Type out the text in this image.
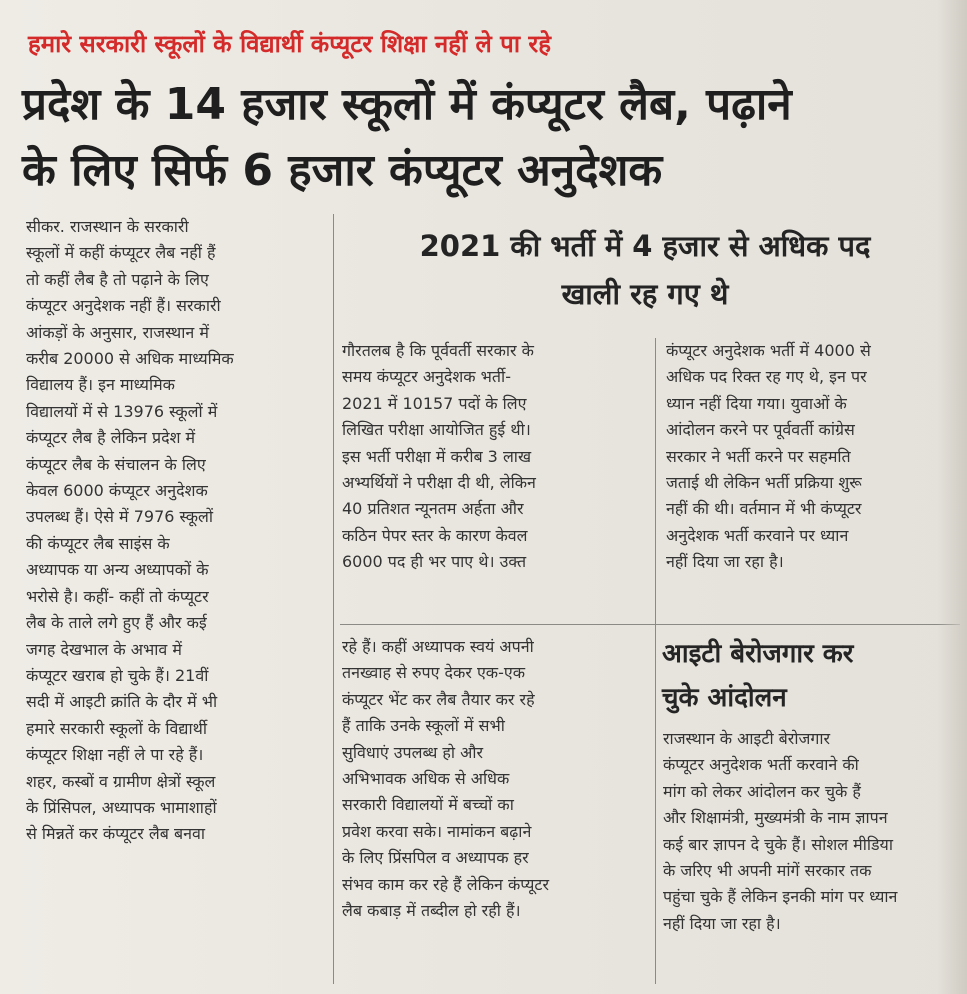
हमारे सरकारी स्कूलों के विद्यार्थी कंप्यूटर शिक्षा नहीं ले पा रहे
प्रदेश के 14 हजार स्कूलों में कंप्यूटर लैब, पढ़ाने
के लिए सिर्फ 6 हजार कंप्यूटर अनुदेशक
2021 की भर्ती में 4 हजार से अधिक पद
खाली रह गए थे
सीकर. राजस्थान के सरकारी
स्कूलों में कहीं कंप्यूटर लैब नहीं हैं
तो कहीं लैब है तो पढ़ाने के लिए
कंप्यूटर अनुदेशक नहीं हैं। सरकारी
आंकड़ों के अनुसार, राजस्थान में
करीब 20000 से अधिक माध्यमिक
विद्यालय हैं। इन माध्यमिक
विद्यालयों में से 13976 स्कूलों में
कंप्यूटर लैब है लेकिन प्रदेश में
कंप्यूटर लैब के संचालन के लिए
केवल 6000 कंप्यूटर अनुदेशक
उपलब्ध हैं। ऐसे में 7976 स्कूलों
की कंप्यूटर लैब साइंस के
अध्यापक या अन्य अध्यापकों के
भरोसे है। कहीं- कहीं तो कंप्यूटर
लैब के ताले लगे हुए हैं और कई
जगह देखभाल के अभाव में
कंप्यूटर खराब हो चुके हैं। 21वीं
सदी में आइटी क्रांति के दौर में भी
हमारे सरकारी स्कूलों के विद्यार्थी
कंप्यूटर शिक्षा नहीं ले पा रहे हैं।
शहर, कस्बों व ग्रामीण क्षेत्रों स्कूल
के प्रिंसिपल, अध्यापक भामाशाहों
से मिन्नतें कर कंप्यूटर लैब बनवा
गौरतलब है कि पूर्ववर्ती सरकार के
समय कंप्यूटर अनुदेशक भर्ती-
2021 में 10157 पदों के लिए
लिखित परीक्षा आयोजित हुई थी।
इस भर्ती परीक्षा में करीब 3 लाख
अभ्यर्थियों ने परीक्षा दी थी, लेकिन
40 प्रतिशत न्यूनतम अर्हता और
कठिन पेपर स्तर के कारण केवल
6000 पद ही भर पाए थे। उक्त
कंप्यूटर अनुदेशक भर्ती में 4000 से
अधिक पद रिक्त रह गए थे, इन पर
ध्यान नहीं दिया गया। युवाओं के
आंदोलन करने पर पूर्ववर्ती कांग्रेस
सरकार ने भर्ती करने पर सहमति
जताई थी लेकिन भर्ती प्रक्रिया शुरू
नहीं की थी। वर्तमान में भी कंप्यूटर
अनुदेशक भर्ती करवाने पर ध्यान
नहीं दिया जा रहा है।
रहे हैं। कहीं अध्यापक स्वयं अपनी
तनख्वाह से रुपए देकर एक-एक
कंप्यूटर भेंट कर लैब तैयार कर रहे
हैं ताकि उनके स्कूलों में सभी
सुविधाएं उपलब्ध हो और
अभिभावक अधिक से अधिक
सरकारी विद्यालयों में बच्चों का
प्रवेश करवा सके। नामांकन बढ़ाने
के लिए प्रिंसपिल व अध्यापक हर
संभव काम कर रहे हैं लेकिन कंप्यूटर
लैब कबाड़ में तब्दील हो रही हैं।
आइटी बेरोजगार कर
चुके आंदोलन
राजस्थान के आइटी बेरोजगार
कंप्यूटर अनुदेशक भर्ती करवाने की
मांग को लेकर आंदोलन कर चुके हैं
और शिक्षामंत्री, मुख्यमंत्री के नाम ज्ञापन
कई बार ज्ञापन दे चुके हैं। सोशल मीडिया
के जरिए भी अपनी मांगें सरकार तक
पहुंचा चुके हैं लेकिन इनकी मांग पर ध्यान
नहीं दिया जा रहा है।
